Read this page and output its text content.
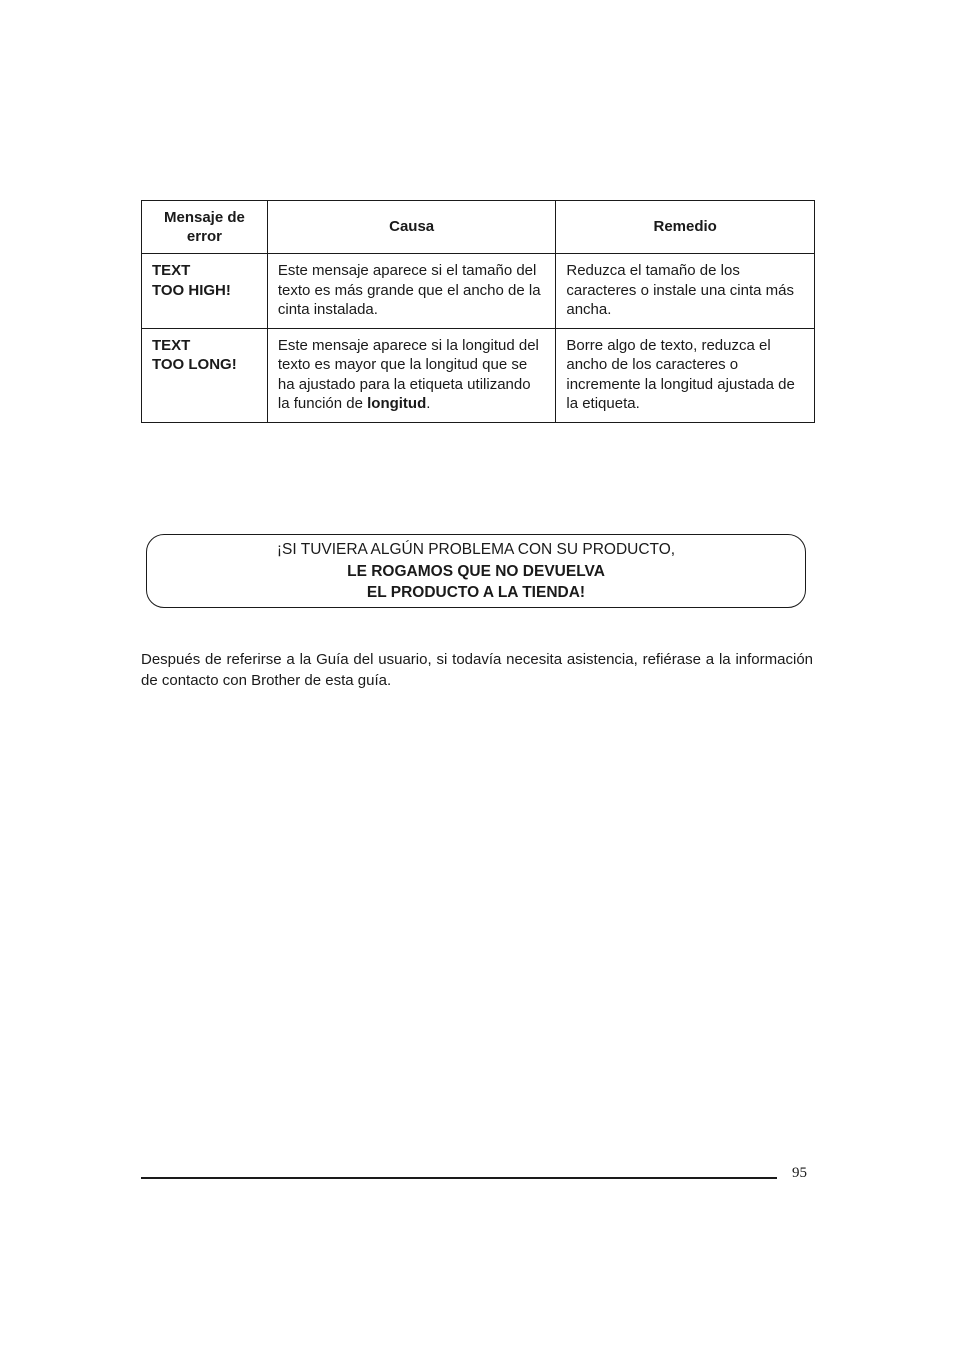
Mensaje de error	Causa	Remedio

TEXT
TOO HIGH!	Este mensaje aparece si el tamaño del texto es más grande que el ancho de la cinta instalada.	Reduzca el tamaño de los caracteres o instale una cinta más ancha.

TEXT
TOO LONG!	Este mensaje aparece si la longitud del texto es mayor que la longitud que se ha ajustado para la etiqueta utilizando la función de longitud.	Borre algo de texto, reduzca el ancho de los caracteres o incremente la longitud ajustada de la etiqueta.
¡SI TUVIERA ALGÚN PROBLEMA CON SU PRODUCTO,
LE ROGAMOS QUE NO DEVUELVA
EL PRODUCTO A LA TIENDA!

Después de referirse a la Guía del usuario, si todavía necesita asistencia, refiérase a la información de contacto con Brother de esta guía.

95
